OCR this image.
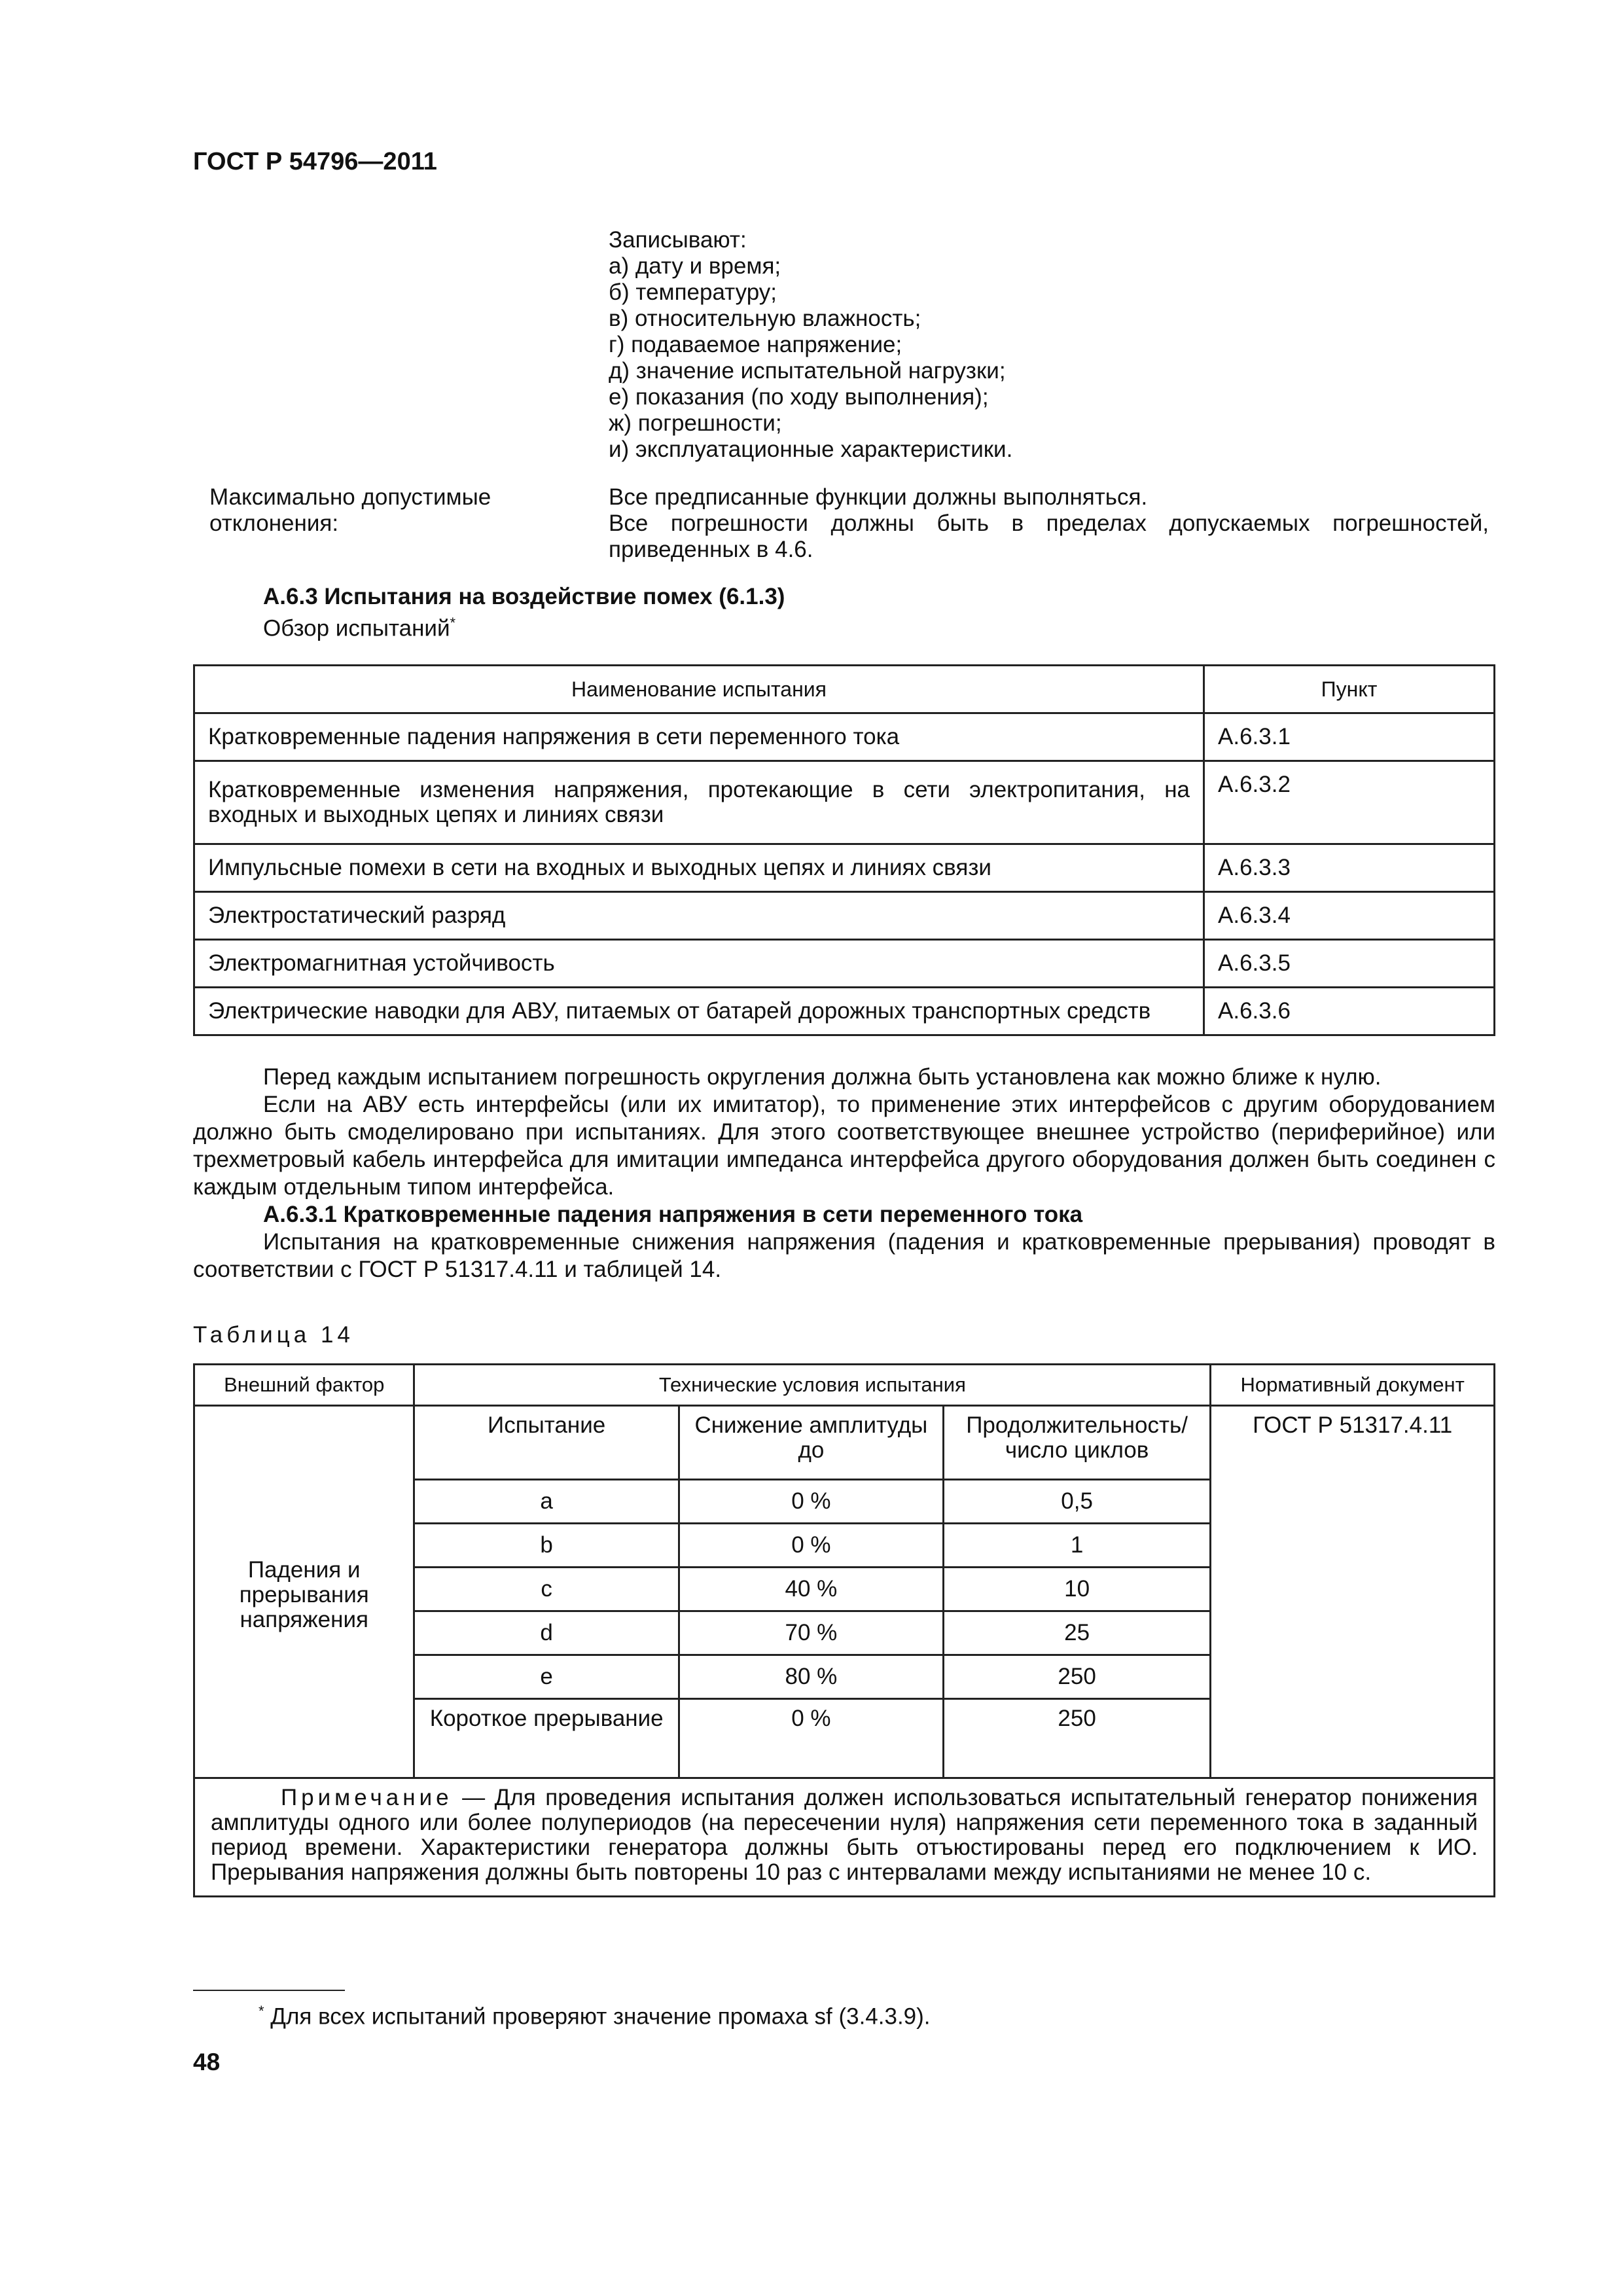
ГОСТ Р 54796—2011
Записывают:
а) дату и время;
б) температуру;
в) относительную влажность;
г) подаваемое напряжение;
д) значение испытательной нагрузки;
е) показания (по ходу выполнения);
ж) погрешности;
и) эксплуатационные характеристики.
Максимально допустимые
отклонения:
Все предписанные функции должны выполняться.
Все погрешности должны быть в пределах допускаемых погрешностей, приведенных в 4.6.
А.6.3 Испытания на воздействие помех (6.1.3)
Обзор испытаний*
Наименование испытания	Пункт
Кратковременные падения напряжения в сети переменного тока	А.6.3.1
Кратковременные изменения напряжения, протекающие в сети электропитания, на входных и выходных цепях и линиях связи	А.6.3.2
Импульсные помехи в сети на входных и выходных цепях и линиях связи	А.6.3.3
Электростатический разряд	А.6.3.4
Электромагнитная устойчивость	А.6.3.5
Электрические наводки для АВУ, питаемых от батарей дорожных транспортных средств	А.6.3.6

Перед каждым испытанием погрешность округления должна быть установлена как можно ближе к нулю.

Если на АВУ есть интерфейсы (или их имитатор), то применение этих интерфейсов с другим оборудованием должно быть смоделировано при испытаниях. Для этого соответствующее внешнее устройство (периферийное) или трехметровый кабель интерфейса для имитации импеданса интерфейса другого оборудования должен быть соединен с каждым отдельным типом интерфейса.

А.6.3.1 Кратковременные падения напряжения в сети переменного тока

Испытания на кратковременные снижения напряжения (падения и кратковременные прерывания) проводят в соответствии с ГОСТ Р 51317.4.11 и таблицей 14.

Таблица 14
Внешний фактор	Технические условия испытания			Нормативный документ
Падения и прерывания напряжения	Испытание	Снижение амплитуды до	Продолжительность/число циклов	ГОСТ Р 51317.4.11
	a	0 %	0,5	
	b	0 %	1	
	c	40 %	10	
	d	70 %	25	
	e	80 %	250	
	Короткое прерывание	0 %	250	
Примечание — Для проведения испытания должен использоваться испытательный генератор понижения амплитуды одного или более полупериодов (на пересечении нуля) напряжения сети переменного тока в заданный период времени. Характеристики генератора должны быть отъюстированы перед его подключением к ИО. Прерывания напряжения должны быть повторены 10 раз с интервалами между испытаниями не менее 10 с.				
* Для всех испытаний проверяют значение промаха sf (3.4.3.9).
48
